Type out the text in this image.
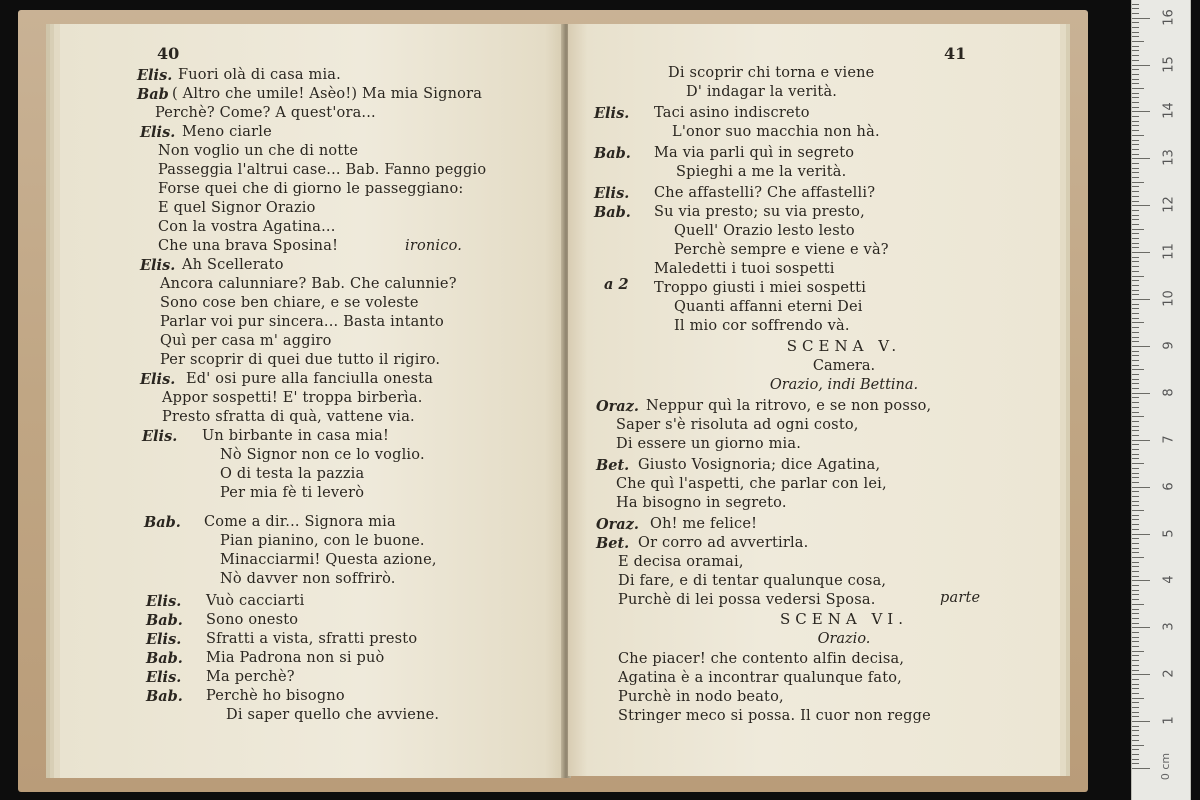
40
Elis. Fuori olà di casa mia.
Bab ( Altro che umile! Asèo!) Ma mia Signora
Perchè? Come? A quest'ora...
Elis. Meno ciarle
Non voglio un che di notte
Passeggia l'altrui case... Bab. Fanno peggio
Forse quei che di giorno le passeggiano:
E quel Signor Orazio
Con la vostra Agatina...
Che una brava Sposina!	ironico.
Elis. Ah Scellerato
Ancora calunniare? Bab. Che calunnie?
Sono cose ben chiare, e se voleste
Parlar voi pur sincera... Basta intanto
Quì per casa m' aggiro
Per scoprir di quei due tutto il rigiro.
Elis. Ed' osi pure alla fanciulla onesta
Appor sospetti! E' troppa birberìa.
Presto sfratta di quà, vattene via.
Elis. Un birbante in casa mia!
Nò Signor non ce lo voglio.
O di testa la pazzia
Per mia fè ti leverò
Bab. Come a dir... Signora mia
Pian pianino, con le buone.
Minacciarmi! Questa azione,
Nò davver non soffrirò.
Elis. Vuò cacciarti
Bab. Sono onesto
Elis. Sfratti a vista, sfratti presto
Bab. Mia Padrona non si può
Elis. Ma perchè?
Bab. Perchè ho bisogno
Di saper quello che avviene.
41
Di scoprir chi torna e viene
D' indagar la verità.
Elis. Taci asino indiscreto
L'onor suo macchia non hà.
Bab. Ma via parli quì in segreto
Spieghi a me la verità.
Elis. Che affastelli? Che affastelli?
Bab. Su via presto; su via presto,
Quell' Orazio lesto lesto
Perchè sempre e viene e và?
Maledetti i tuoi sospetti
a 2 Troppo giusti i miei sospetti
Quanti affanni eterni Dei
Il mio cor soffrendo và.
SCENA V.
Camera.
Orazio, indi Bettina.
Oraz. Neppur quì la ritrovo, e se non posso,
Saper s'è risoluta ad ogni costo,
Di essere un giorno mia.
Bet. Giusto Vosignoria; dice Agatina,
Che quì l'aspetti, che parlar con lei,
Ha bisogno in segreto.
Oraz. Oh! me felice!
Bet. Or corro ad avvertirla.
E decisa oramai,
Di fare, e di tentar qualunque cosa,
Purchè di lei possa vedersi Sposa.	parte
SCENA VI.
Orazio.
Che piacer! che contento alfin decisa,
Agatina è a incontrar qualunque fato,
Purchè in nodo beato,
Stringer meco si possa. Il cuor non regge
0 cm
1
2
3
4
5
6
7
8
9
10
11
12
13
14
15
16
